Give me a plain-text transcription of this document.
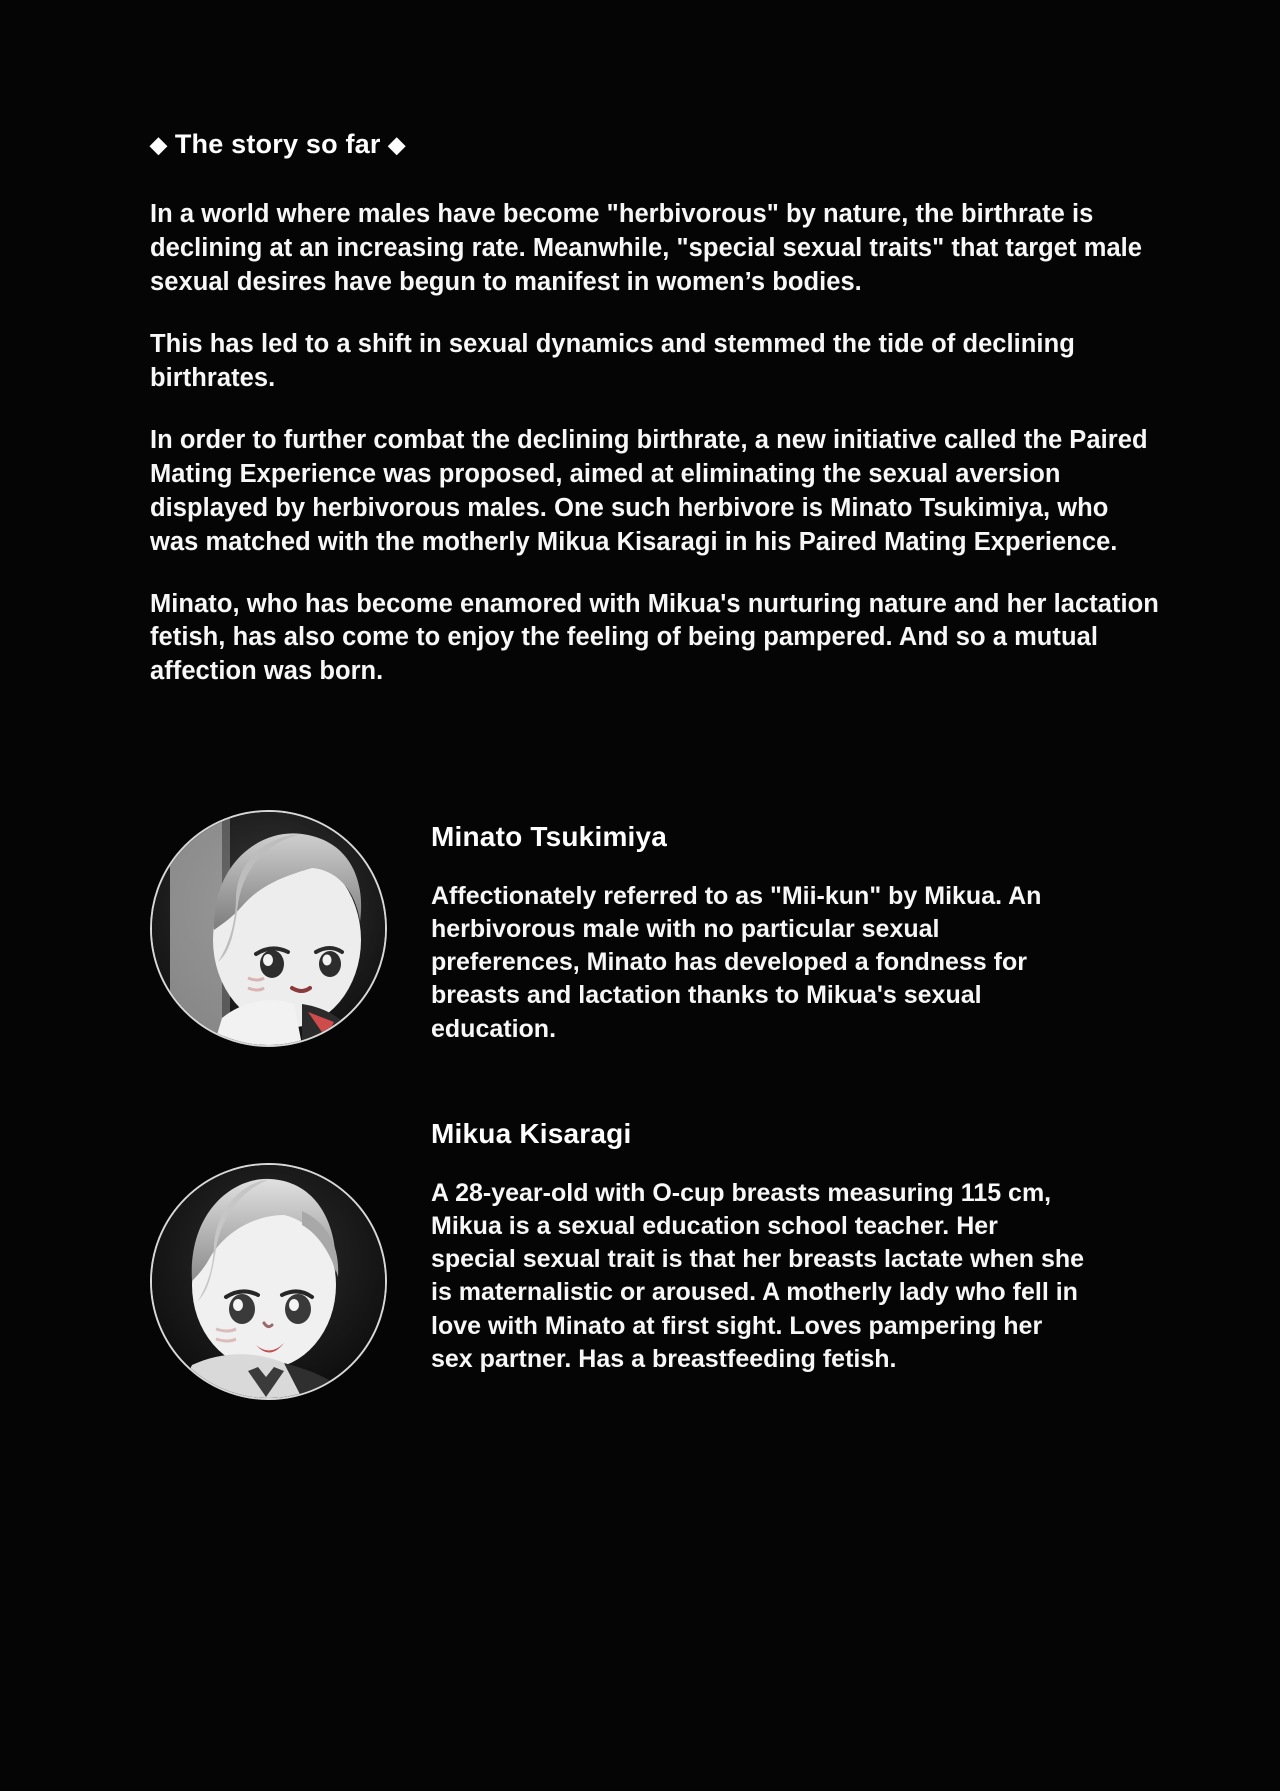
◆ The story so far ◆

In a world where males have become "herbivorous" by nature, the birthrate is declining at an increasing rate. Meanwhile, "special sexual traits" that target male sexual desires have begun to manifest in women’s bodies.

This has led to a shift in sexual dynamics and stemmed the tide of declining birthrates.

In order to further combat the declining birthrate, a new initiative called the Paired Mating Experience was proposed, aimed at eliminating the sexual aversion displayed by herbivorous males. One such herbivore is Minato Tsukimiya, who was matched with the motherly Mikua Kisaragi in his Paired Mating Experience.

Minato, who has become enamored with Mikua's nurturing nature and her lactation fetish, has also come to enjoy the feeling of being pampered. And so a mutual affection was born.

Minato Tsukimiya

Affectionately referred to as "Mii-kun" by Mikua. An herbivorous male with no particular sexual preferences, Minato has developed a fondness for breasts and lactation thanks to Mikua's sexual education.

Mikua Kisaragi

A 28-year-old with O-cup breasts measuring 115 cm, Mikua is a sexual education school teacher. Her special sexual trait is that her breasts lactate when she is maternalistic or aroused. A motherly lady who fell in love with Minato at first sight. Loves pampering her sex partner. Has a breastfeeding fetish.
